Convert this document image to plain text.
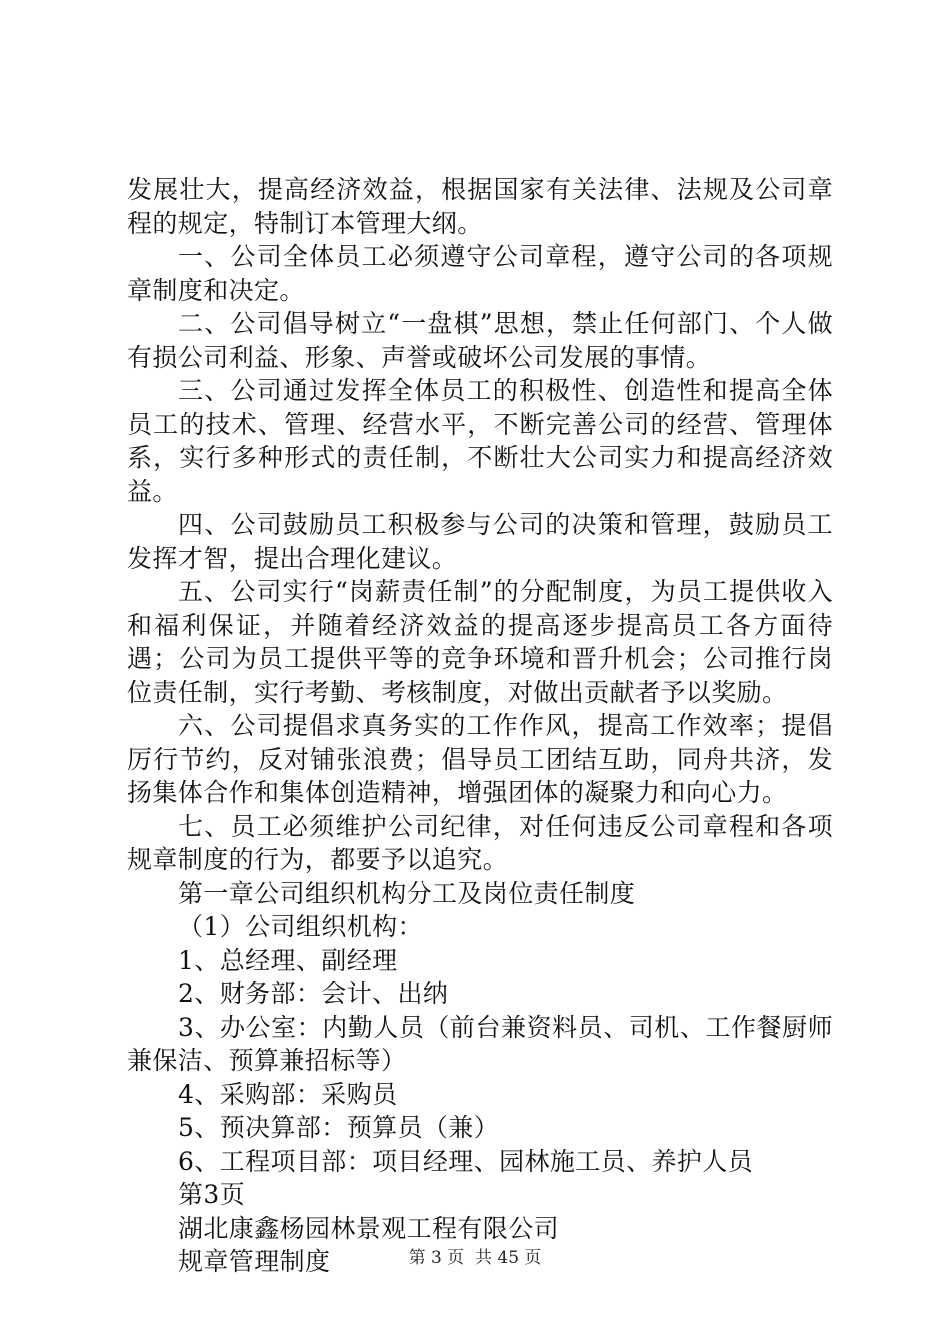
发展壮大，提高经济效益，根据国家有关法律、法规及公司章程的规定，特制订本管理大纲。

一、公司全体员工必须遵守公司章程，遵守公司的各项规章制度和决定。

二、公司倡导树立“一盘棋”思想，禁止任何部门、个人做有损公司利益、形象、声誉或破坏公司发展的事情。

三、公司通过发挥全体员工的积极性、创造性和提高全体员工的技术、管理、经营水平，不断完善公司的经营、管理体系，实行多种形式的责任制，不断壮大公司实力和提高经济效益。

四、公司鼓励员工积极参与公司的决策和管理，鼓励员工发挥才智，提出合理化建议。

五、公司实行“岗薪责任制”的分配制度，为员工提供收入和福利保证，并随着经济效益的提高逐步提高员工各方面待遇；公司为员工提供平等的竞争环境和晋升机会；公司推行岗位责任制，实行考勤、考核制度，对做出贡献者予以奖励。

六、公司提倡求真务实的工作作风，提高工作效率；提倡厉行节约，反对铺张浪费；倡导员工团结互助，同舟共济，发扬集体合作和集体创造精神，增强团体的凝聚力和向心力。

七、员工必须维护公司纪律，对任何违反公司章程和各项规章制度的行为，都要予以追究。

第一章公司组织机构分工及岗位责任制度

（1）公司组织机构：

1、总经理、副经理

2、财务部：会计、出纳

3、办公室：内勤人员（前台兼资料员、司机、工作餐厨师兼保洁、预算兼招标等）

4、采购部：采购员

5、预决算部：预算员（兼）

6、工程项目部：项目经理、园林施工员、养护人员

第3页

湖北康鑫杨园林景观工程有限公司

规章管理制度	第 3 页  共 45 页
